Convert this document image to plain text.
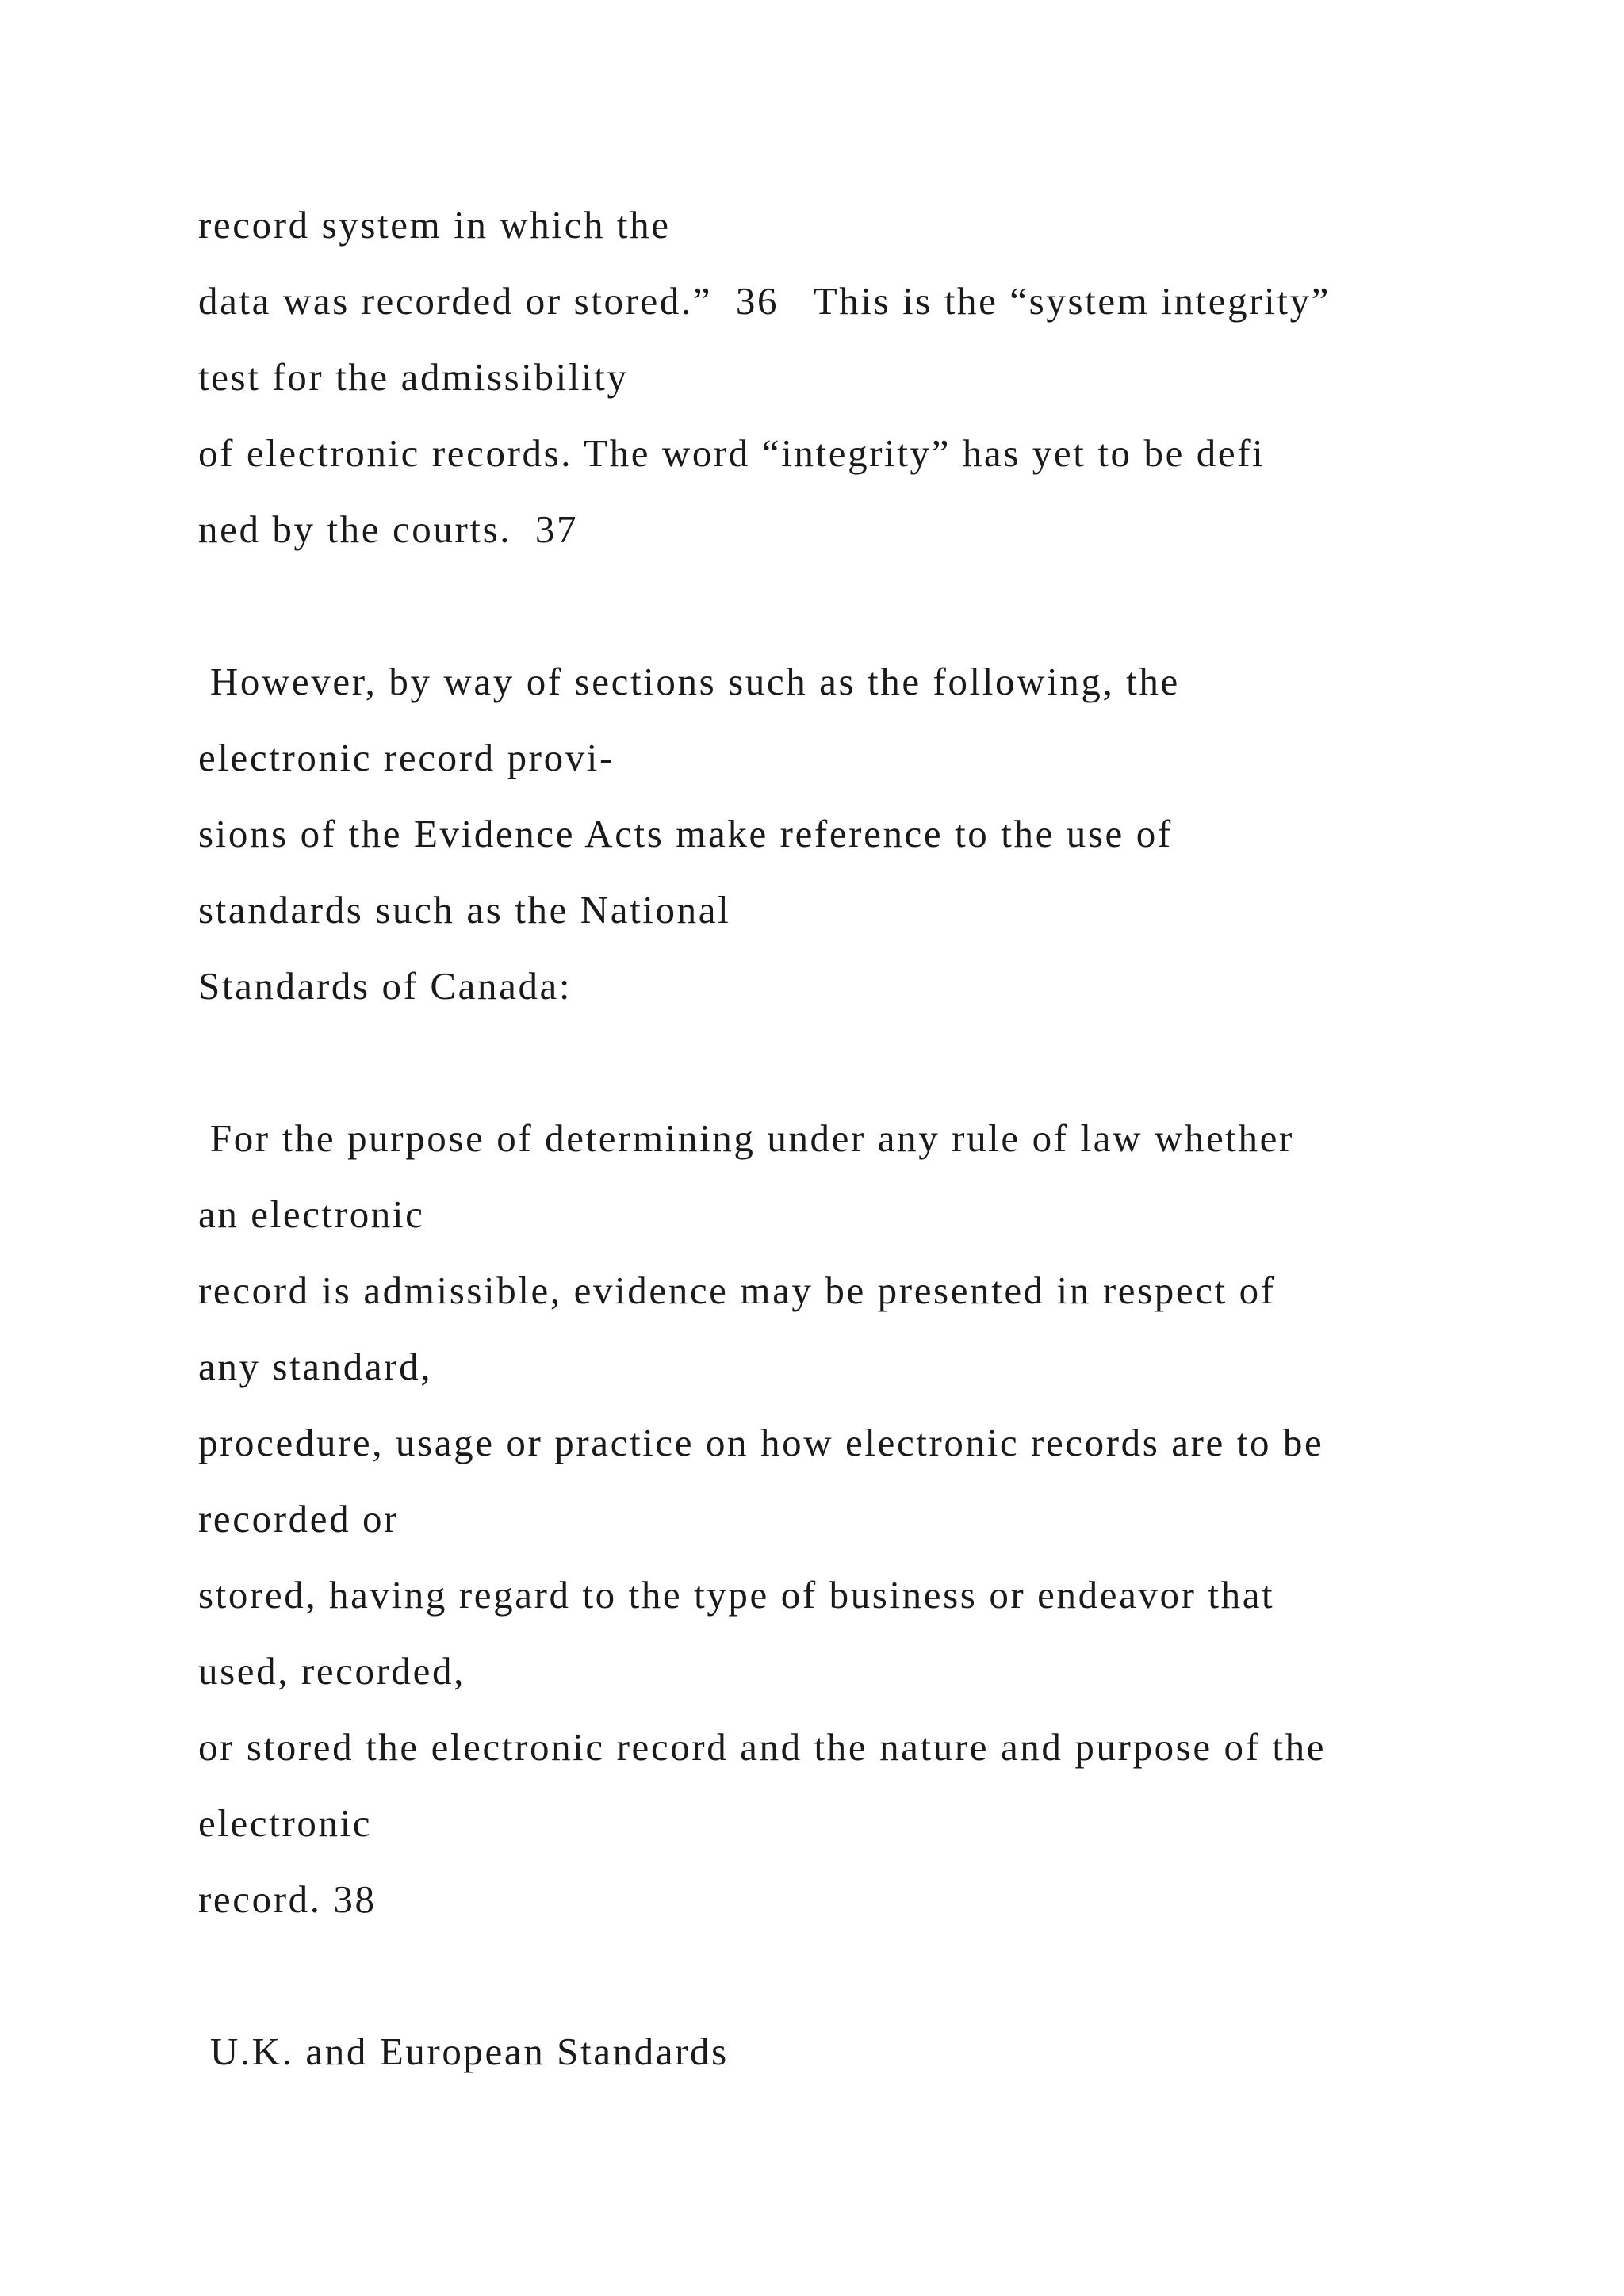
record system in which the
data was recorded or stored.”  36   This is the “system integrity”
test for the admissibility
of electronic records. The word “integrity” has yet to be defi
ned by the courts.  37
However, by way of sections such as the following, the
electronic record provi-
sions of the Evidence Acts make reference to the use of
standards such as the National
Standards of Canada:
For the purpose of determining under any rule of law whether
an electronic
record is admissible, evidence may be presented in respect of
any standard,
procedure, usage or practice on how electronic records are to be
recorded or
stored, having regard to the type of business or endeavor that
used, recorded,
or stored the electronic record and the nature and purpose of the
electronic
record. 38
U.K. and European Standards
